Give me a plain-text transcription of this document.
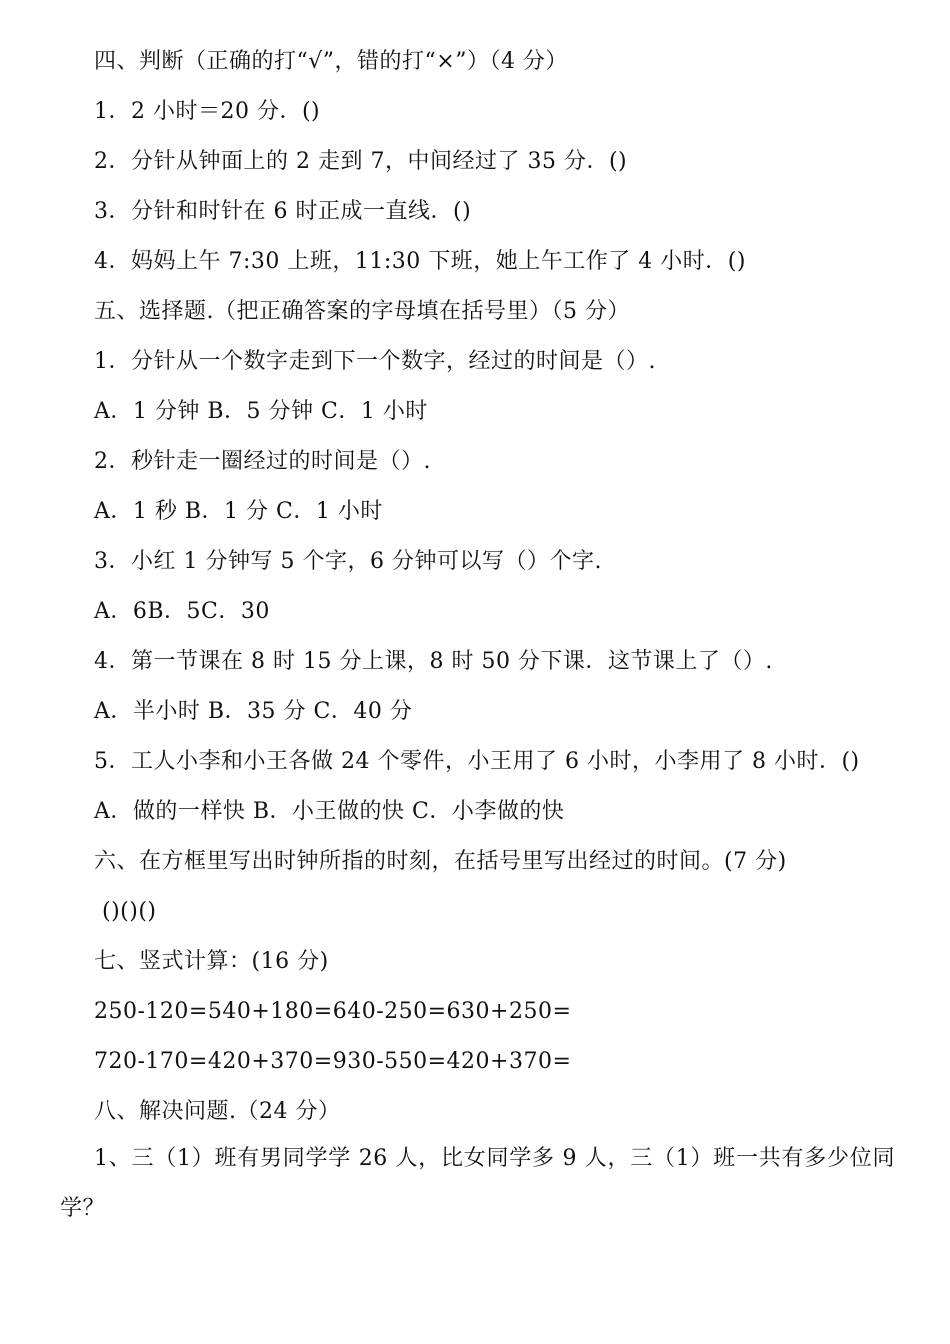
四、判断（正确的打“√”，错的打“×”）（4 分）
1．2 小时＝20 分．()
2．分针从钟面上的 2 走到 7，中间经过了 35 分．()
3．分针和时针在 6 时正成一直线．()
4．妈妈上午 7:30 上班，11:30 下班，她上午工作了 4 小时．()
五、选择题.（把正确答案的字母填在括号里）（5 分）
1．分针从一个数字走到下一个数字，经过的时间是（）.
A．1 分钟 B．5 分钟 C．1 小时
2．秒针走一圈经过的时间是（）.
A．1 秒 B．1 分 C．1 小时
3．小红 1 分钟写 5 个字，6 分钟可以写（）个字.
A．6B．5C．30
4．第一节课在 8 时 15 分上课，8 时 50 分下课．这节课上了（）.
A．半小时 B．35 分 C．40 分
5．工人小李和小王各做 24 个零件，小王用了 6 小时，小李用了 8 小时．()
A．做的一样快 B．小王做的快 C．小李做的快
六、在方框里写出时钟所指的时刻，在括号里写出经过的时间。(7 分)
()()()
七、竖式计算：(16 分)
250-120=540+180=640-250=630+250=
720-170=420+370=930-550=420+370=
八、解决问题.（24 分）
1、三（1）班有男同学学 26 人，比女同学多 9 人，三（1）班一共有多少位同学？
